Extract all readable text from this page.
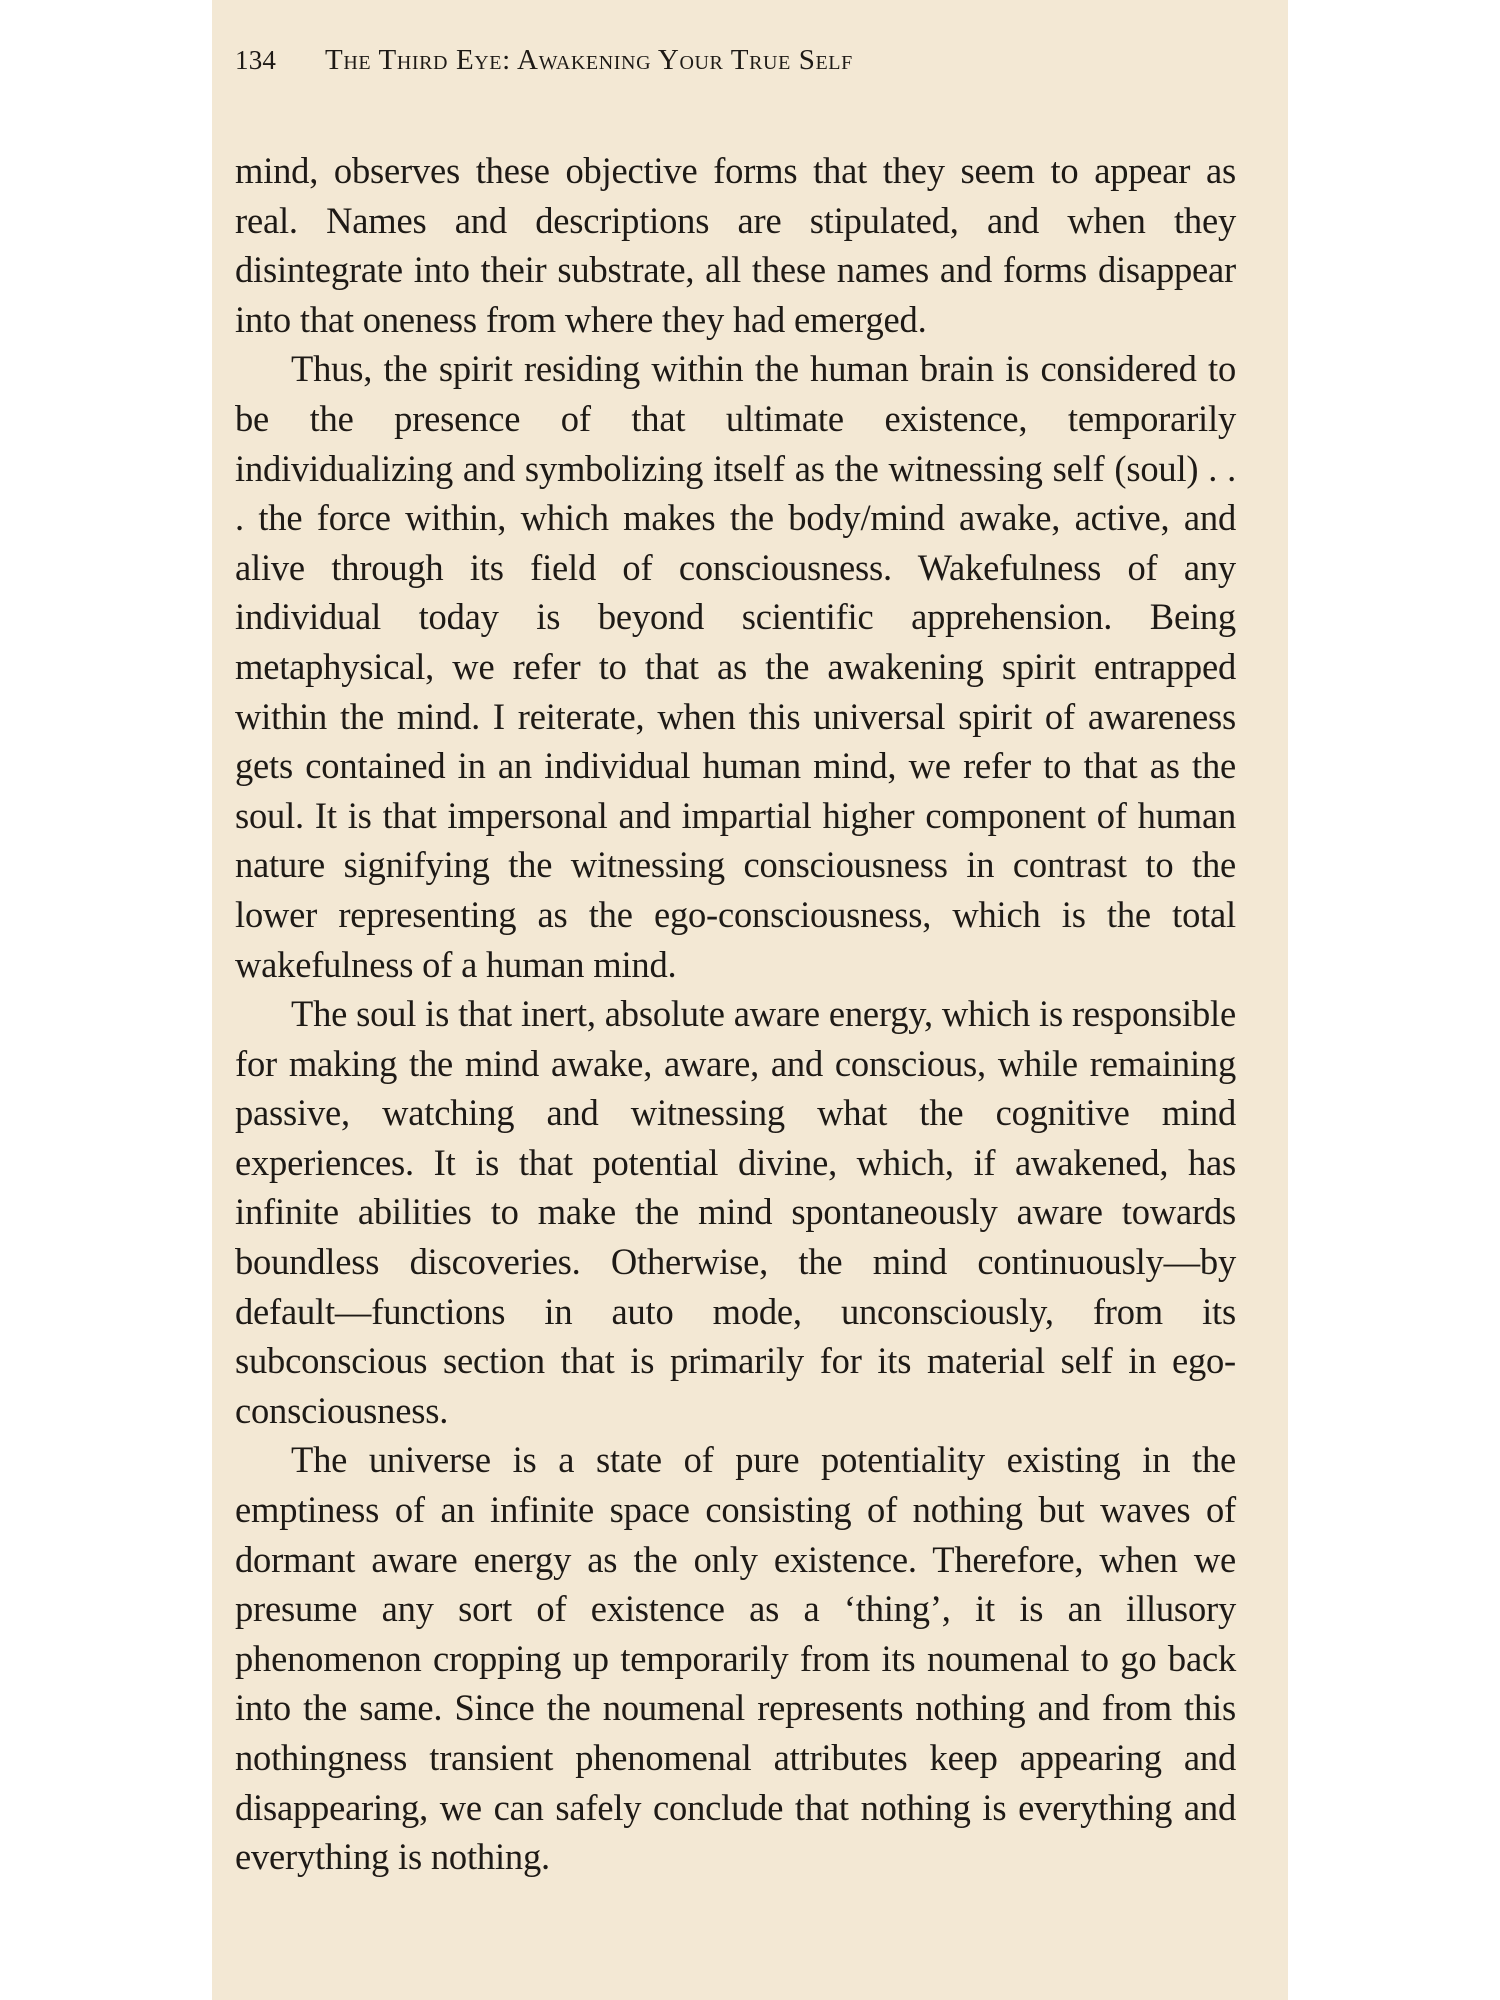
134	The Third Eye: Awakening Your True Self

mind, observes these objective forms that they seem to appear as real. Names and descriptions are stipulated, and when they disintegrate into their substrate, all these names and forms disappear into that oneness from where they had emerged.

Thus, the spirit residing within the human brain is considered to be the presence of that ultimate existence, temporarily individualizing and symbolizing itself as the witnessing self (soul) . . . the force within, which makes the body/mind awake, active, and alive through its field of consciousness. Wakefulness of any individual today is beyond scientific apprehension. Being metaphysical, we refer to that as the awakening spirit entrapped within the mind. I reiterate, when this universal spirit of awareness gets contained in an individual human mind, we refer to that as the soul. It is that impersonal and impartial higher component of human nature signifying the witnessing consciousness in contrast to the lower representing as the ego-consciousness, which is the total wakefulness of a human mind.

The soul is that inert, absolute aware energy, which is responsible for making the mind awake, aware, and conscious, while remaining passive, watching and witnessing what the cognitive mind experiences. It is that potential divine, which, if awakened, has infinite abilities to make the mind spontaneously aware towards boundless discoveries. Otherwise, the mind continuously—by default—functions in auto mode, unconsciously, from its subconscious section that is primarily for its material self in ego-consciousness.

The universe is a state of pure potentiality existing in the emptiness of an infinite space consisting of nothing but waves of dormant aware energy as the only existence. Therefore, when we presume any sort of existence as a ‘thing’, it is an illusory phenomenon cropping up temporarily from its noumenal to go back into the same. Since the noumenal represents nothing and from this nothingness transient phenomenal attributes keep appearing and disappearing, we can safely conclude that nothing is everything and everything is nothing.
